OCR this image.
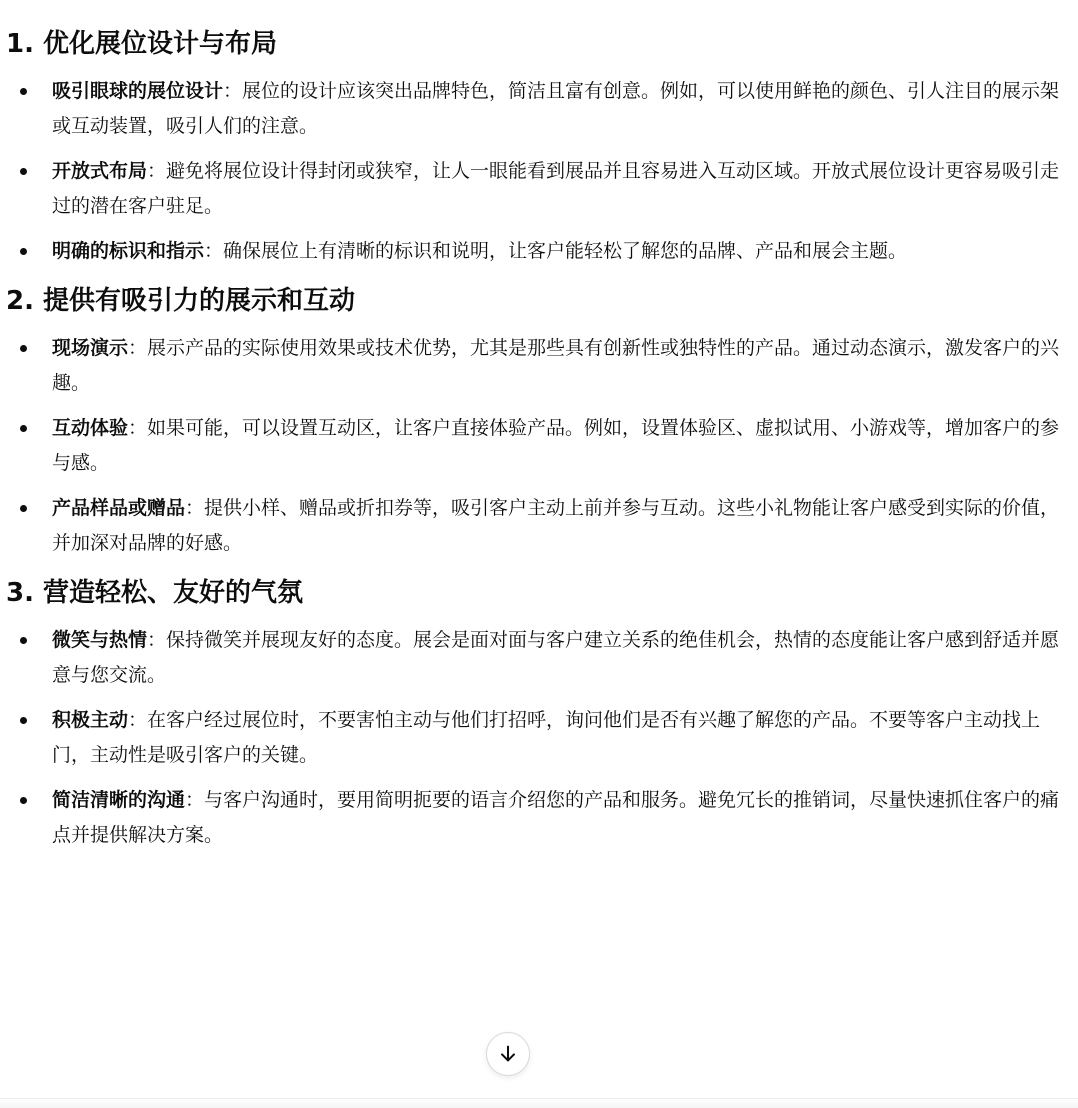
1. 优化展位设计与布局
吸引眼球的展位设计：展位的设计应该突出品牌特色，简洁且富有创意。例如，可以使用鲜艳的颜色、引人注目的展示架或互动装置，吸引人们的注意。
开放式布局：避免将展位设计得封闭或狭窄，让人一眼能看到展品并且容易进入互动区域。开放式展位设计更容易吸引走过的潜在客户驻足。
明确的标识和指示：确保展位上有清晰的标识和说明，让客户能轻松了解您的品牌、产品和展会主题。
2. 提供有吸引力的展示和互动
现场演示：展示产品的实际使用效果或技术优势，尤其是那些具有创新性或独特性的产品。通过动态演示，激发客户的兴趣。
互动体验：如果可能，可以设置互动区，让客户直接体验产品。例如，设置体验区、虚拟试用、小游戏等，增加客户的参与感。
产品样品或赠品：提供小样、赠品或折扣券等，吸引客户主动上前并参与互动。这些小礼物能让客户感受到实际的价值，并加深对品牌的好感。
3. 营造轻松、友好的气氛
微笑与热情：保持微笑并展现友好的态度。展会是面对面与客户建立关系的绝佳机会，热情的态度能让客户感到舒适并愿意与您交流。
积极主动：在客户经过展位时，不要害怕主动与他们打招呼，询问他们是否有兴趣了解您的产品。不要等客户主动找上门，主动性是吸引客户的关键。
简洁清晰的沟通：与客户沟通时，要用简明扼要的语言介绍您的产品和服务。避免冗长的推销词，尽量快速抓住客户的痛点并提供解决方案。
